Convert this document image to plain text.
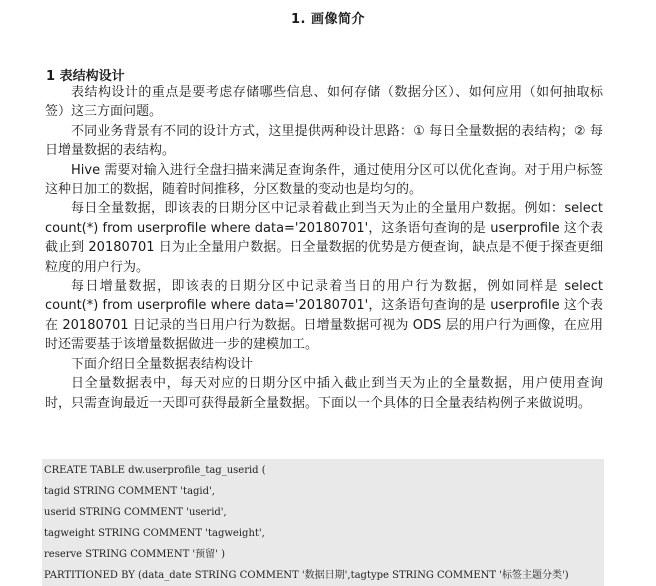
1. 画像简介
1 表结构设计

表结构设计的重点是要考虑存储哪些信息、如何存储（数据分区）、如何应用（如何抽取标签）这三方面问题。

不同业务背景有不同的设计方式，这里提供两种设计思路：① 每日全量数据的表结构；② 每日增量数据的表结构。

Hive 需要对输入进行全盘扫描来满足查询条件，通过使用分区可以优化查询。对于用户标签这种日加工的数据，随着时间推移，分区数量的变动也是均匀的。

每日全量数据，即该表的日期分区中记录着截止到当天为止的全量用户数据。例如：select count(*) from userprofile where data='20180701'，这条语句查询的是 userprofile 这个表截止到 20180701 日为止全量用户数据。日全量数据的优势是方便查询，缺点是不便于探查更细粒度的用户行为。

每日增量数据，即该表的日期分区中记录着当日的用户行为数据，例如同样是 select count(*) from userprofile where data='20180701'，这条语句查询的是 userprofile 这个表在 20180701 日记录的当日用户行为数据。日增量数据可视为 ODS 层的用户行为画像，在应用时还需要基于该增量数据做进一步的建模加工。

下面介绍日全量数据表结构设计

日全量数据表中，每天对应的日期分区中插入截止到当天为止的全量数据，用户使用查询时，只需查询最近一天即可获得最新全量数据。下面以一个具体的日全量表结构例子来做说明。

CREATE TABLE dw.userprofile_tag_userid (
tagid STRING COMMENT 'tagid',
userid STRING COMMENT 'userid',
tagweight STRING COMMENT 'tagweight',
reserve STRING COMMENT '预留' )
PARTITIONED BY (data_date STRING COMMENT '数据日期',tagtype STRING COMMENT '标签主题分类')
